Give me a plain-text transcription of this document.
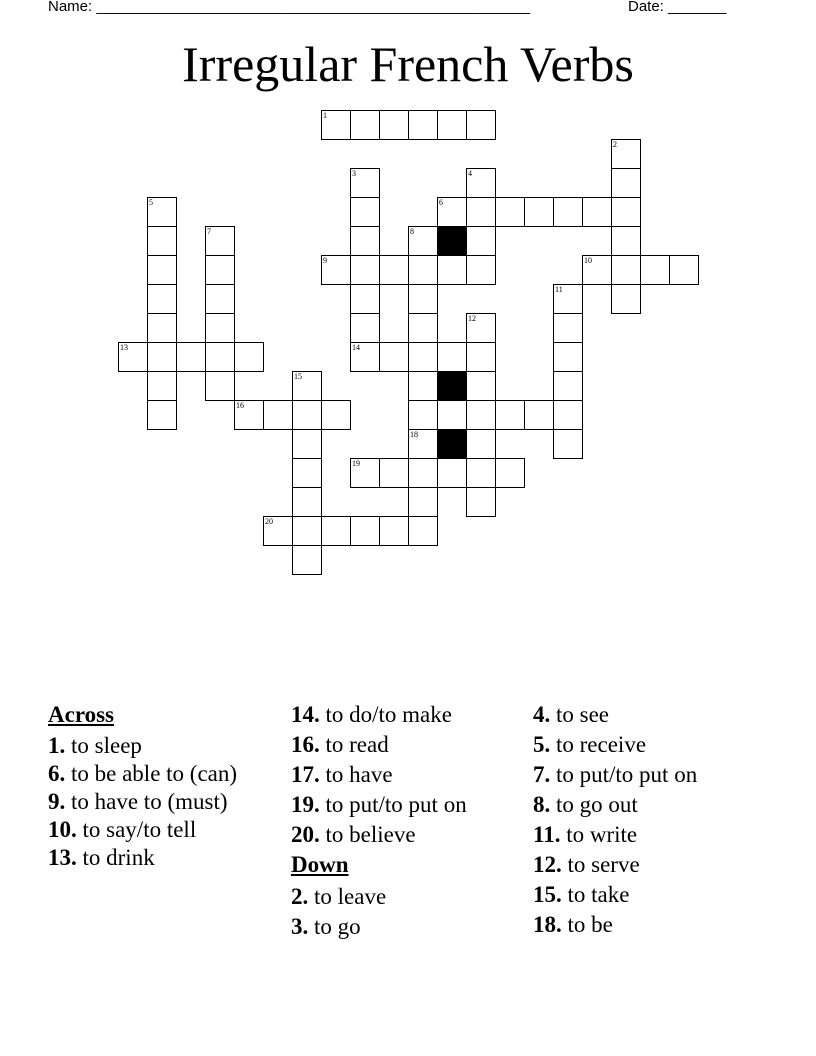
Name: ____________________________________________________	Date: _______
Irregular French Verbs
1
2
3	4
6
5
7	8
18
9	10
11
12
13	14
15
16
19
20
Across
1. to sleep
6. to be able to (can)
9. to have to (must)
10. to say/to tell
13. to drink
14. to do/to make
16. to read
17. to have
19. to put/to put on
20. to believe
Down
2. to leave
3. to go
4. to see
5. to receive
7. to put/to put on
8. to go out
11. to write
12. to serve
15. to take
18. to be
